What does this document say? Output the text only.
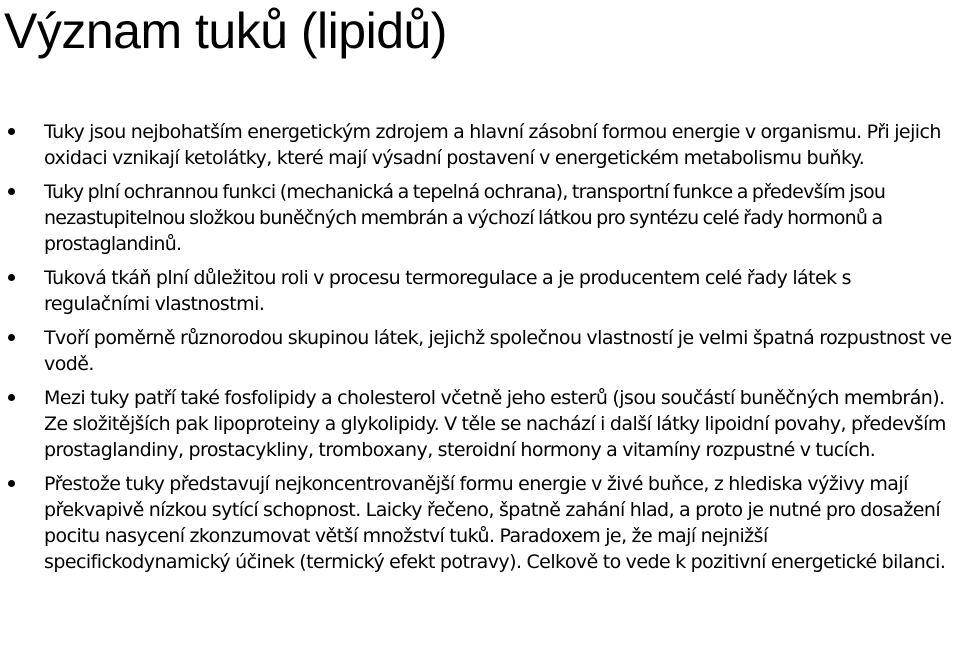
Význam tuků (lipidů)
Tuky jsou nejbohatším energetickým zdrojem a hlavní zásobní formou energie v organismu. Při jejich oxidaci vznikají ketolátky, které mají výsadní postavení v energetickém metabolismu buňky.
Tuky plní ochrannou funkci (mechanická a tepelná ochrana), transportní funkce a především jsou nezastupitelnou složkou buněčných membrán a výchozí látkou pro syntézu celé řady hormonů a prostaglandinů.
Tuková tkáň plní důležitou roli v procesu termoregulace a je producentem celé řady látek s regulačními vlastnostmi.
Tvoří poměrně různorodou skupinou látek, jejichž společnou vlastností je velmi špatná rozpustnost ve vodě.
Mezi tuky patří také fosfolipidy a cholesterol včetně jeho esterů (jsou součástí buněčných membrán). Ze složitějších pak lipoproteiny a glykolipidy. V těle se nachází i další látky lipoidní povahy, především prostaglandiny, prostacykliny, tromboxany, steroidní hormony a vitamíny rozpustné v tucích.
Přestože tuky představují nejkoncentrovanější formu energie v živé buňce, z hlediska výživy mají překvapivě nízkou sytící schopnost. Laicky řečeno, špatně zahání hlad, a proto je nutné pro dosažení pocitu nasycení zkonzumovat větší množství tuků. Paradoxem je, že mají nejnižší specifickodynamický účinek (termický efekt potravy). Celkově to vede k pozitivní energetické bilanci.
